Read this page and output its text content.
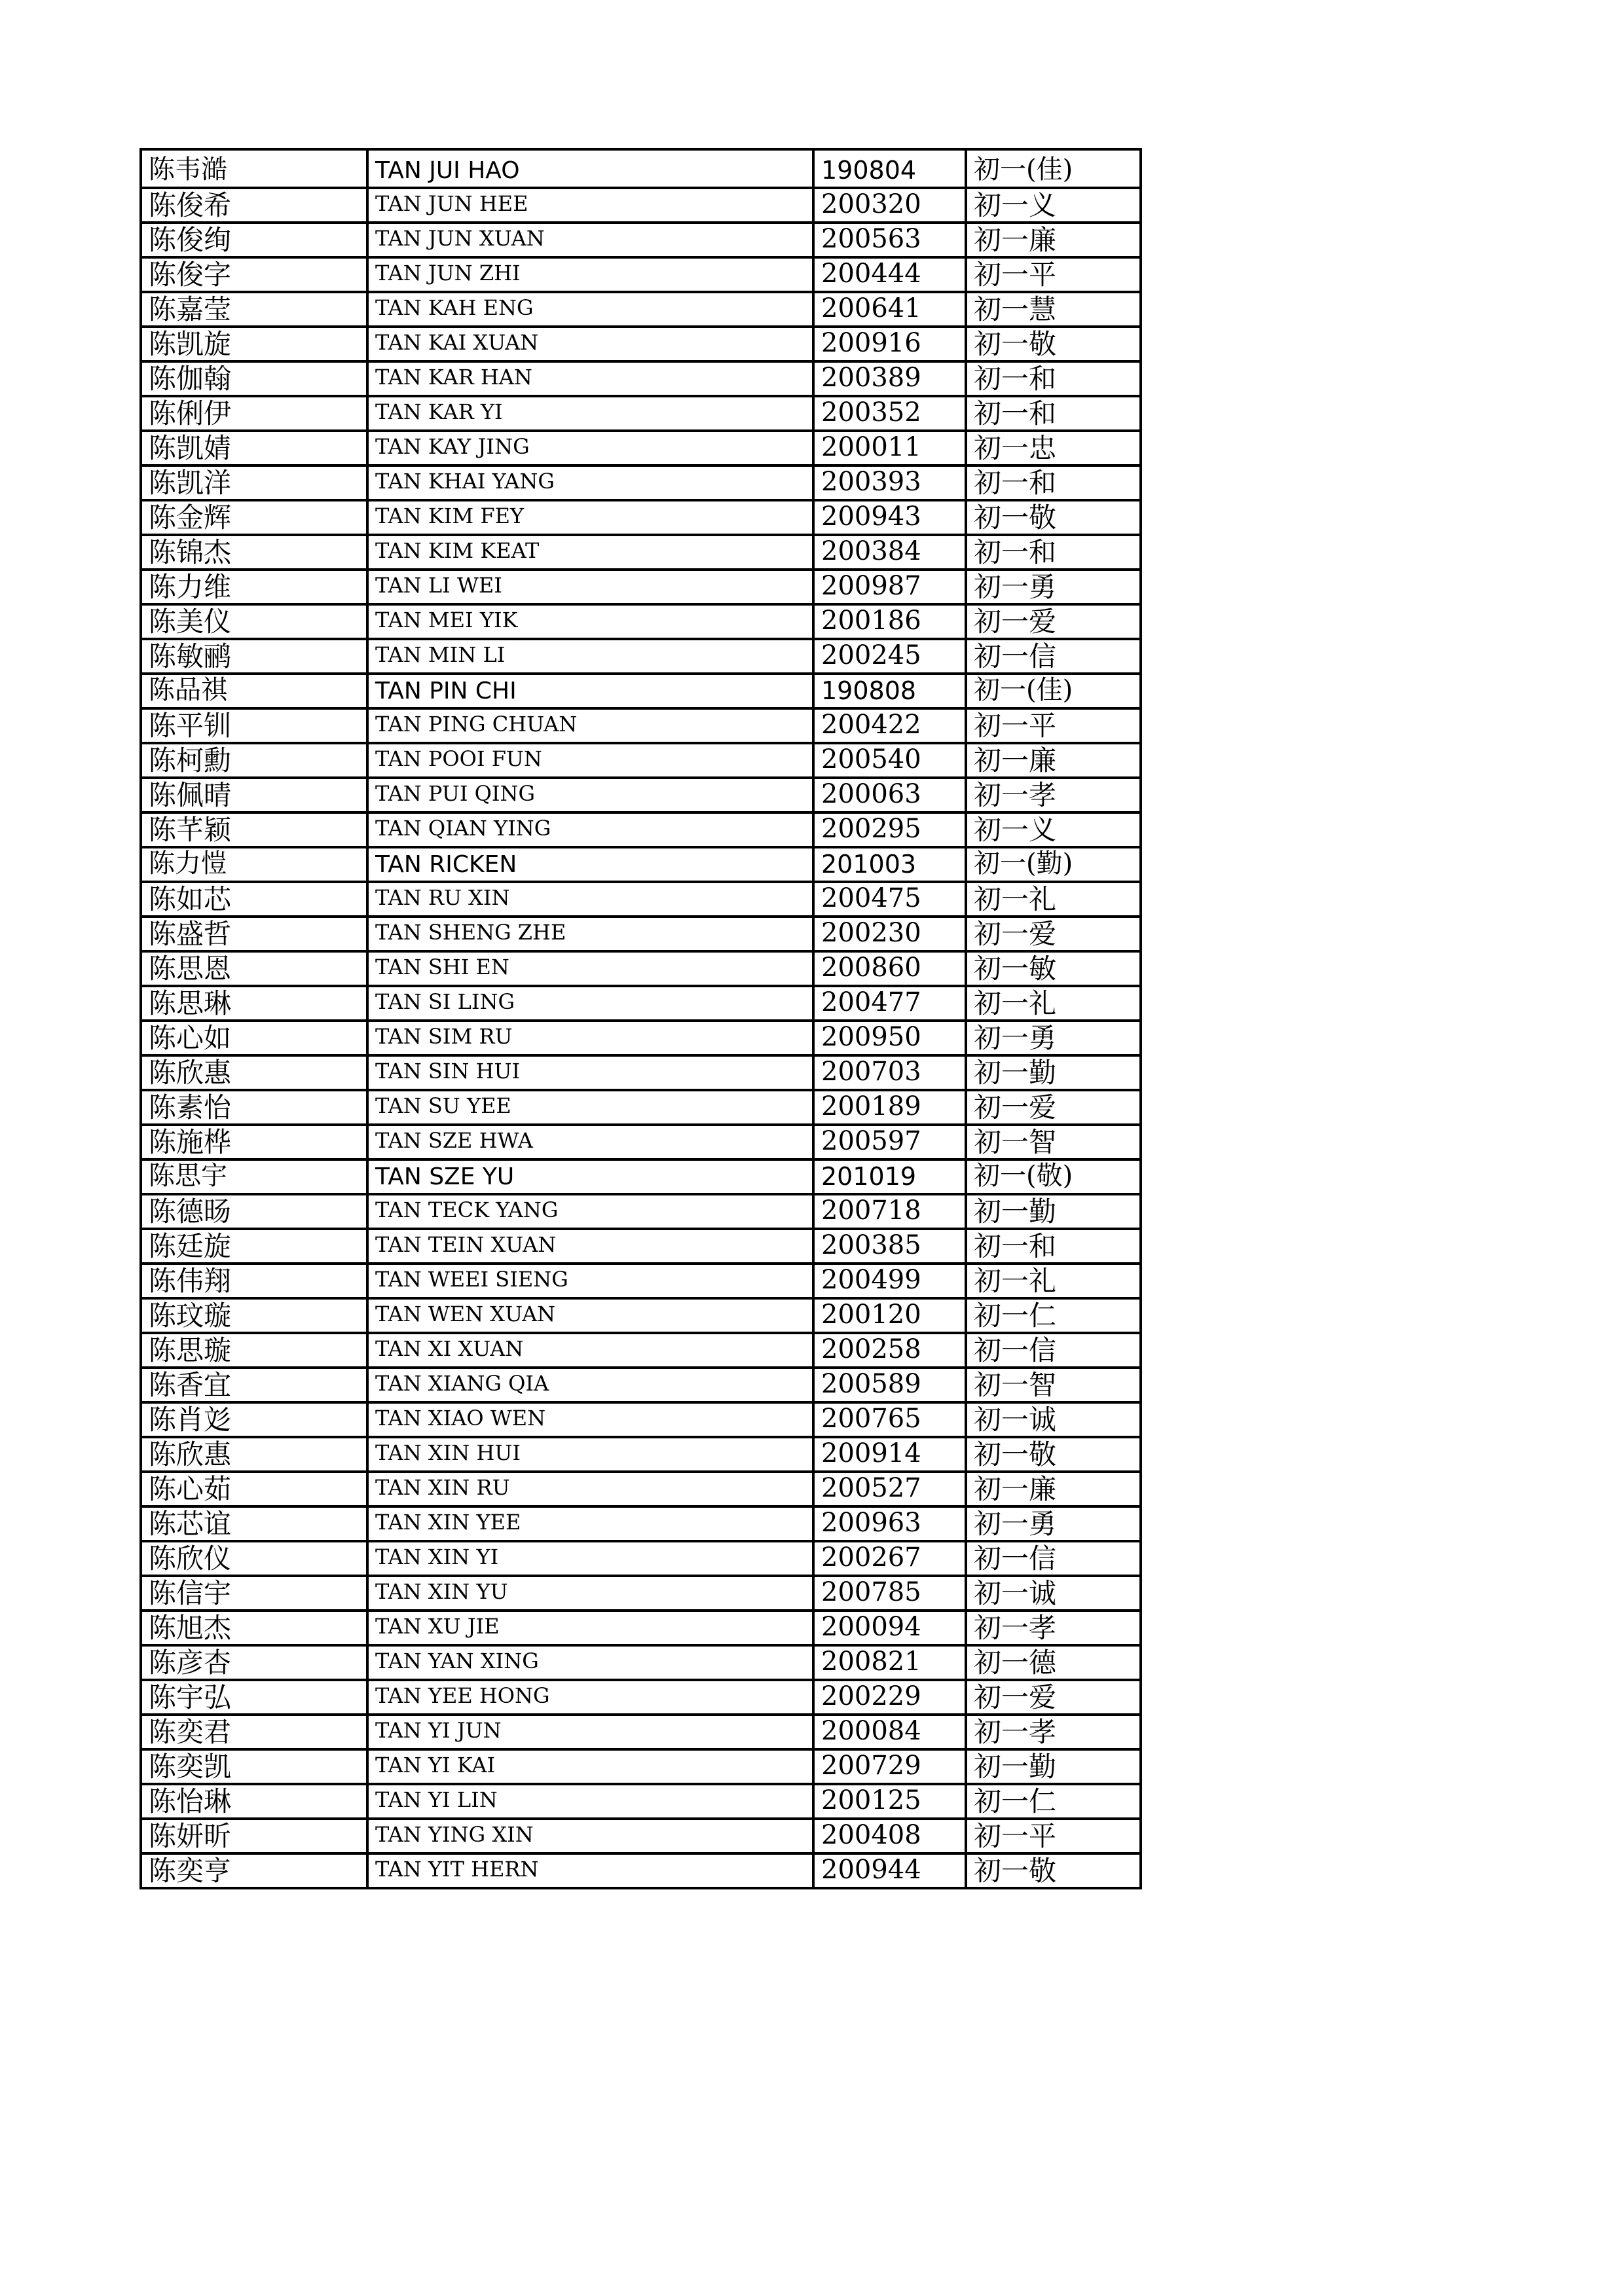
陈韦澔	TAN JUI HAO	190804	初一(佳)
陈俊希	TAN JUN HEE	200320	初一义
陈俊绚	TAN JUN XUAN	200563	初一廉
陈俊字	TAN JUN ZHI	200444	初一平
陈嘉莹	TAN KAH ENG	200641	初一慧
陈凯旋	TAN KAI XUAN	200916	初一敬
陈伽翰	TAN KAR HAN	200389	初一和
陈俐伊	TAN KAR YI	200352	初一和
陈凯婧	TAN KAY JING	200011	初一忠
陈凯洋	TAN KHAI YANG	200393	初一和
陈金辉	TAN KIM FEY	200943	初一敬
陈锦杰	TAN KIM KEAT	200384	初一和
陈力维	TAN LI WEI	200987	初一勇
陈美仪	TAN MEI YIK	200186	初一爱
陈敏鹂	TAN MIN LI	200245	初一信
陈品祺	TAN PIN CHI	190808	初一(佳)
陈平钏	TAN PING CHUAN	200422	初一平
陈柯勳	TAN POOI FUN	200540	初一廉
陈佩晴	TAN PUI QING	200063	初一孝
陈芊颖	TAN QIAN YING	200295	初一义
陈力愷	TAN RICKEN	201003	初一(勤)
陈如芯	TAN RU XIN	200475	初一礼
陈盛哲	TAN SHENG ZHE	200230	初一爱
陈思恩	TAN SHI EN	200860	初一敏
陈思琳	TAN SI LING	200477	初一礼
陈心如	TAN SIM RU	200950	初一勇
陈欣惠	TAN SIN HUI	200703	初一勤
陈素怡	TAN SU YEE	200189	初一爱
陈施桦	TAN SZE HWA	200597	初一智
陈思宇	TAN SZE YU	201019	初一(敬)
陈德旸	TAN TECK YANG	200718	初一勤
陈廷旋	TAN TEIN XUAN	200385	初一和
陈伟翔	TAN WEEI SIENG	200499	初一礼
陈玟璇	TAN WEN XUAN	200120	初一仁
陈思璇	TAN XI XUAN	200258	初一信
陈香宜	TAN XIANG QIA	200589	初一智
陈肖彣	TAN XIAO WEN	200765	初一诚
陈欣惠	TAN XIN HUI	200914	初一敬
陈心茹	TAN XIN RU	200527	初一廉
陈芯谊	TAN XIN YEE	200963	初一勇
陈欣仪	TAN XIN YI	200267	初一信
陈信宇	TAN XIN YU	200785	初一诚
陈旭杰	TAN XU JIE	200094	初一孝
陈彦杏	TAN YAN XING	200821	初一德
陈宇弘	TAN YEE HONG	200229	初一爱
陈奕君	TAN YI JUN	200084	初一孝
陈奕凯	TAN YI KAI	200729	初一勤
陈怡琳	TAN YI LIN	200125	初一仁
陈妍昕	TAN YING XIN	200408	初一平
陈奕亨	TAN YIT HERN	200944	初一敬
